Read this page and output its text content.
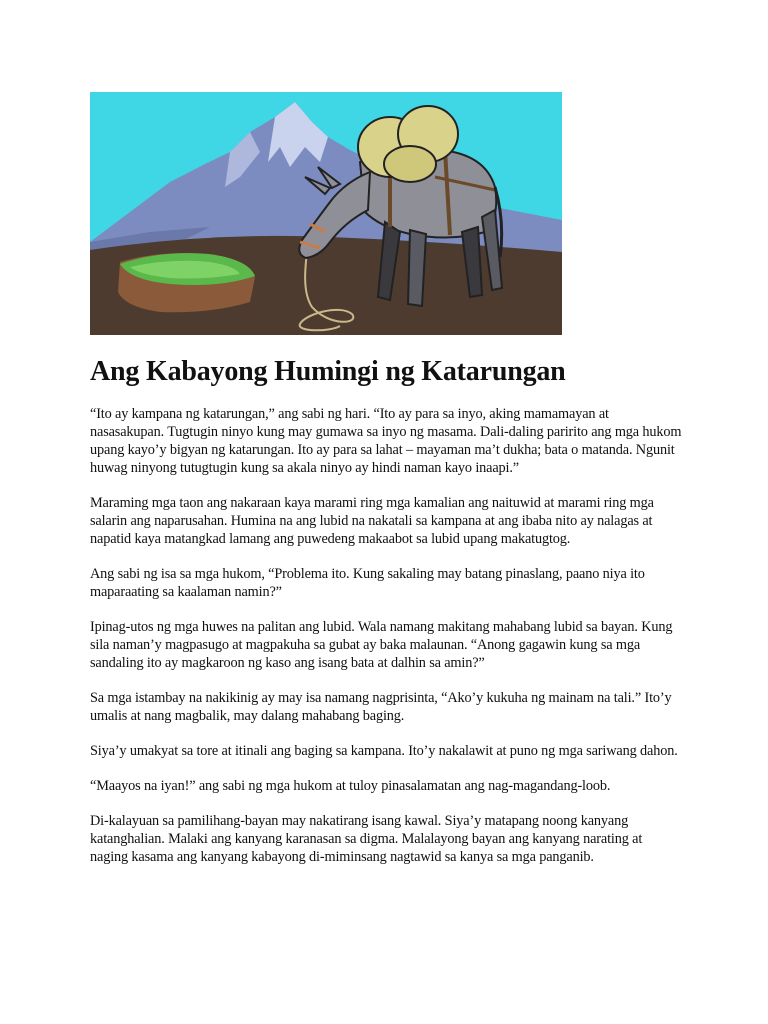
Ang Kabayong Humingi ng Katarungan

“Ito ay kampana ng katarungan,” ang sabi ng hari. “Ito ay para sa inyo, aking mamamayan at nasasakupan. Tugtugin ninyo kung may gumawa sa inyo ng masama. Dali-daling paririto ang mga hukom upang kayo’y bigyan ng katarungan. Ito ay para sa lahat – mayaman ma’t dukha; bata o matanda. Ngunit huwag ninyong tutugtugin kung sa akala ninyo ay hindi naman kayo inaapi.”

Maraming mga taon ang nakaraan kaya marami ring mga kamalian ang naituwid at marami ring mga salarin ang naparusahan. Humina na ang lubid na nakatali sa kampana at ang ibaba nito ay nalagas at napatid kaya matangkad lamang ang puwedeng makaabot sa lubid upang makatugtog.

Ang sabi ng isa sa mga hukom, “Problema ito. Kung sakaling may batang pinaslang, paano niya ito maparaating sa kaalaman namin?”

Ipinag-utos ng mga huwes na palitan ang lubid. Wala namang makitang mahabang lubid sa bayan. Kung sila naman’y magpasugo at magpakuha sa gubat ay baka malaunan. “Anong gagawin kung sa mga sandaling ito ay magkaroon ng kaso ang isang bata at dalhin sa amin?”

Sa mga istambay na nakikinig ay may isa namang nagprisinta, “Ako’y kukuha ng mainam na tali.” Ito’y umalis at nang magbalik, may dalang mahabang baging.

Siya’y umakyat sa tore at itinali ang baging sa kampana. Ito’y nakalawit at puno ng mga sariwang dahon.

“Maayos na iyan!” ang sabi ng mga hukom at tuloy pinasalamatan ang nag-magandang-loob.

Di-kalayuan sa pamilihang-bayan may nakatirang isang kawal. Siya’y matapang noong kanyang katanghalian. Malaki ang kanyang karanasan sa digma. Malalayong bayan ang kanyang narating at naging kasama ang kanyang kabayong di-miminsang nagtawid sa kanya sa mga panganib.
